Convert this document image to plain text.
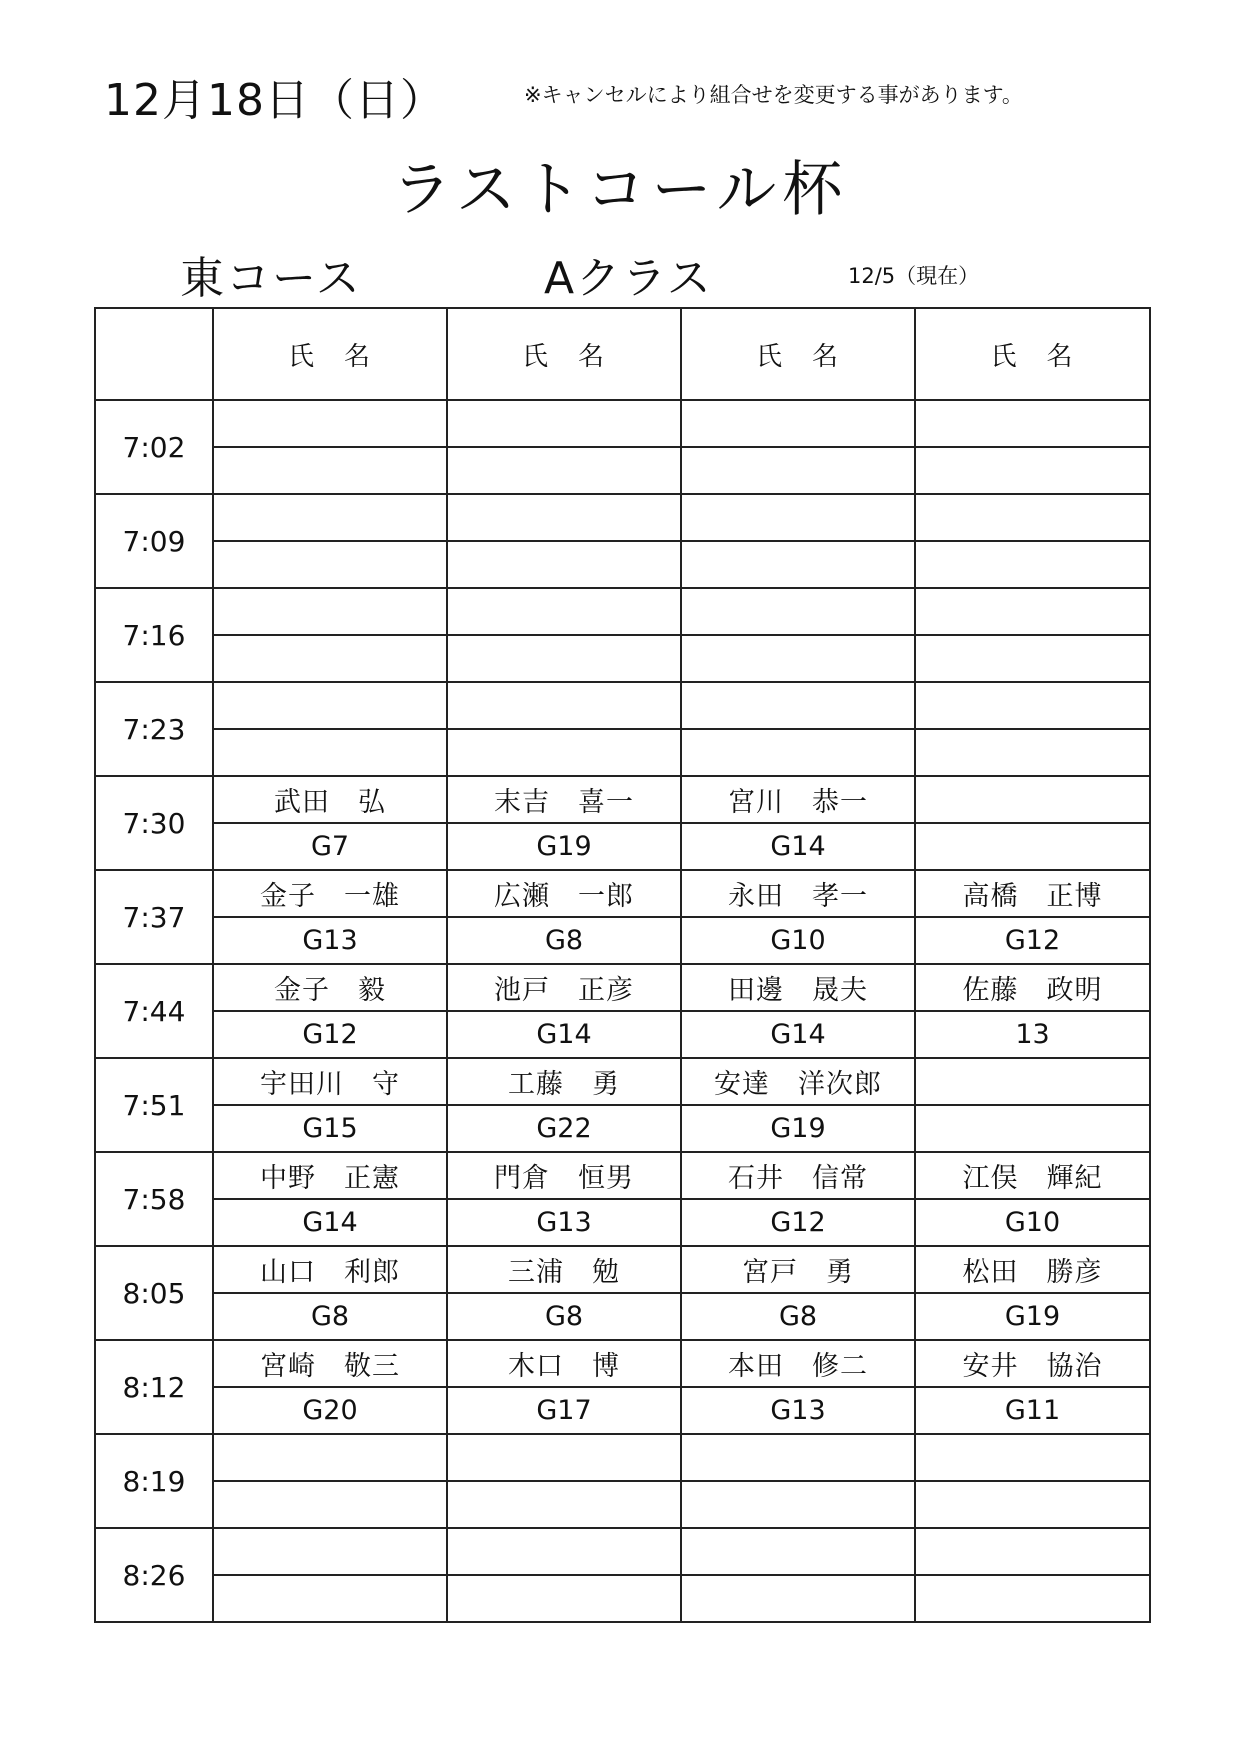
12月18日（日）	※キャンセルにより組合せを変更する事があります。
ラストコール杯
東コース	Aクラス	12/5（現在）
	氏　名	氏　名	氏　名	氏　名
7:02				

7:09				

7:16				

7:23				

7:30	武田　弘	末吉　喜一	宮川　恭一	
	G7	G19	G14	
7:37	金子　一雄	広瀬　一郎	永田　孝一	高橋　正博
	G13	G8	G10	G12
7:44	金子　毅	池戸　正彦	田邊　晟夫	佐藤　政明
	G12	G14	G14	13
7:51	宇田川　守	工藤　勇	安達　洋次郎	
	G15	G22	G19	
7:58	中野　正憲	門倉　恒男	石井　信常	江俣　輝紀
	G14	G13	G12	G10
8:05	山口　利郎	三浦　勉	宮戸　勇	松田　勝彦
	G8	G8	G8	G19
8:12	宮崎　敬三	木口　博	本田　修二	安井　協治
	G20	G17	G13	G11
8:19				

8:26				
